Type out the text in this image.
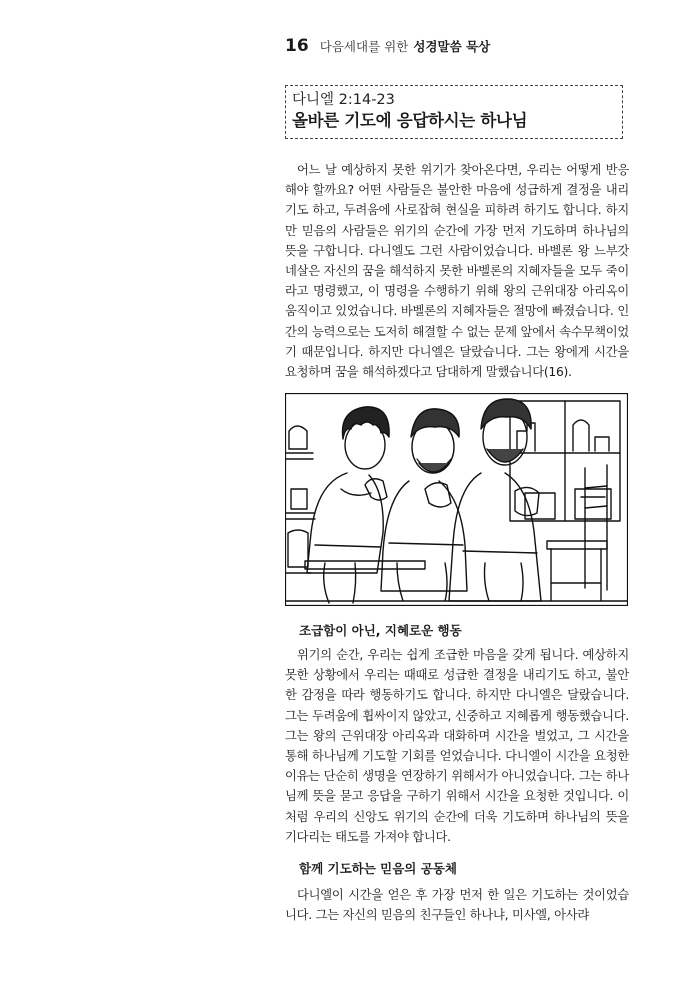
16 다음세대를 위한 성경말씀 묵상
다니엘 2:14-23
올바른 기도에 응답하시는 하나님

어느 날 예상하지 못한 위기가 찾아온다면, 우리는 어떻게 반응해야 할까요? 어떤 사람들은 불안한 마음에 성급하게 결정을 내리기도 하고, 두려움에 사로잡혀 현실을 피하려 하기도 합니다. 하지만 믿음의 사람들은 위기의 순간에 가장 먼저 기도하며 하나님의 뜻을 구합니다. 다니엘도 그런 사람이었습니다. 바벨론 왕 느부갓네살은 자신의 꿈을 해석하지 못한 바벨론의 지혜자들을 모두 죽이라고 명령했고, 이 명령을 수행하기 위해 왕의 근위대장 아리옥이 움직이고 있었습니다. 바벨론의 지혜자들은 절망에 빠졌습니다. 인간의 능력으로는 도저히 해결할 수 없는 문제 앞에서 속수무책이었기 때문입니다. 하지만 다니엘은 달랐습니다. 그는 왕에게 시간을 요청하며 꿈을 해석하겠다고 담대하게 말했습니다(16).

조급함이 아닌, 지혜로운 행동

위기의 순간, 우리는 쉽게 조급한 마음을 갖게 됩니다. 예상하지 못한 상황에서 우리는 때때로 성급한 결정을 내리기도 하고, 불안한 감정을 따라 행동하기도 합니다. 하지만 다니엘은 달랐습니다. 그는 두려움에 휩싸이지 않았고, 신중하고 지혜롭게 행동했습니다. 그는 왕의 근위대장 아리옥과 대화하며 시간을 벌었고, 그 시간을 통해 하나님께 기도할 기회를 얻었습니다. 다니엘이 시간을 요청한 이유는 단순히 생명을 연장하기 위해서가 아니었습니다. 그는 하나님께 뜻을 묻고 응답을 구하기 위해서 시간을 요청한 것입니다. 이처럼 우리의 신앙도 위기의 순간에 더욱 기도하며 하나님의 뜻을 기다리는 태도를 가져야 합니다.

함께 기도하는 믿음의 공동체

다니엘이 시간을 얻은 후 가장 먼저 한 일은 기도하는 것이었습니다. 그는 자신의 믿음의 친구들인 하나냐, 미사엘, 아사랴
